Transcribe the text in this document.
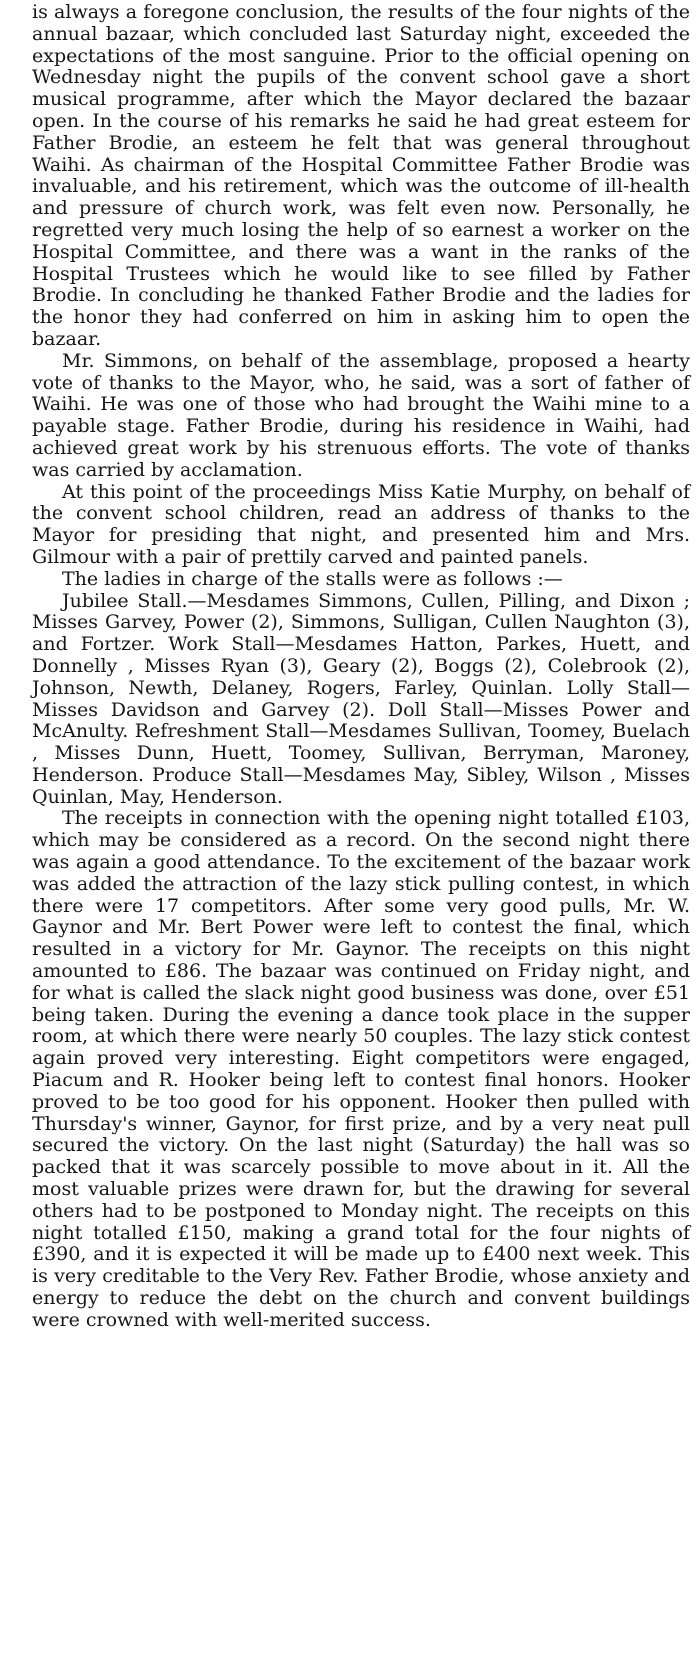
is always a foregone conclusion, the results of the four nights of the annual bazaar, which concluded last Saturday night, exceeded the expectations of the most sanguine. Prior to the official opening on Wednesday night the pupils of the convent school gave a short musical programme, after which the Mayor declared the bazaar open. In the course of his remarks he said he had great esteem for Father Brodie, an esteem he felt that was general throughout Waihi. As chairman of the Hospital Committee Father Brodie was invaluable, and his retirement, which was the outcome of ill-health and pressure of church work, was felt even now. Personally, he regretted very much losing the help of so earnest a worker on the Hospital Committee, and there was a want in the ranks of the Hospital Trustees which he would like to see filled by Father Brodie. In concluding he thanked Father Brodie and the ladies for the honor they had conferred on him in asking him to open the bazaar.

Mr. Simmons, on behalf of the assemblage, proposed a hearty vote of thanks to the Mayor, who, he said, was a sort of father of Waihi. He was one of those who had brought the Waihi mine to a payable stage. Father Brodie, during his residence in Waihi, had achieved great work by his strenuous efforts. The vote of thanks was carried by acclamation.

At this point of the proceedings Miss Katie Murphy, on behalf of the convent school children, read an address of thanks to the Mayor for presiding that night, and presented him and Mrs. Gilmour with a pair of prettily carved and painted panels.

The ladies in charge of the stalls were as follows :—

Jubilee Stall.—Mesdames Simmons, Cullen, Pilling, and Dixon ; Misses Garvey, Power (2), Simmons, Sulligan, Cullen Naughton (3), and Fortzer. Work Stall—Mesdames Hatton, Parkes, Huett, and Donnelly , Misses Ryan (3), Geary (2), Boggs (2), Colebrook (2), Johnson, Newth, Delaney, Rogers, Farley, Quinlan. Lolly Stall—Misses Davidson and Garvey (2). Doll Stall—Misses Power and McAnulty. Refreshment Stall—Mesdames Sullivan, Toomey, Buelach , Misses Dunn, Huett, Toomey, Sullivan, Berryman, Maroney, Henderson. Produce Stall—Mesdames May, Sibley, Wilson , Misses Quinlan, May, Henderson.

The receipts in connection with the opening night totalled £103, which may be considered as a record. On the second night there was again a good attendance. To the excitement of the bazaar work was added the attraction of the lazy stick pulling contest, in which there were 17 competitors. After some very good pulls, Mr. W. Gaynor and Mr. Bert Power were left to contest the final, which resulted in a victory for Mr. Gaynor. The receipts on this night amounted to £86. The bazaar was continued on Friday night, and for what is called the slack night good business was done, over £51 being taken. During the evening a dance took place in the supper room, at which there were nearly 50 couples. The lazy stick contest again proved very interesting. Eight competitors were engaged, Piacum and R. Hooker being left to contest final honors. Hooker proved to be too good for his opponent. Hooker then pulled with Thursday's winner, Gaynor, for first prize, and by a very neat pull secured the victory. On the last night (Saturday) the hall was so packed that it was scarcely possible to move about in it. All the most valuable prizes were drawn for, but the drawing for several others had to be postponed to Monday night. The receipts on this night totalled £150, making a grand total for the four nights of £390, and it is expected it will be made up to £400 next week. This is very creditable to the Very Rev. Father Brodie, whose anxiety and energy to reduce the debt on the church and convent buildings were crowned with well-merited success.
